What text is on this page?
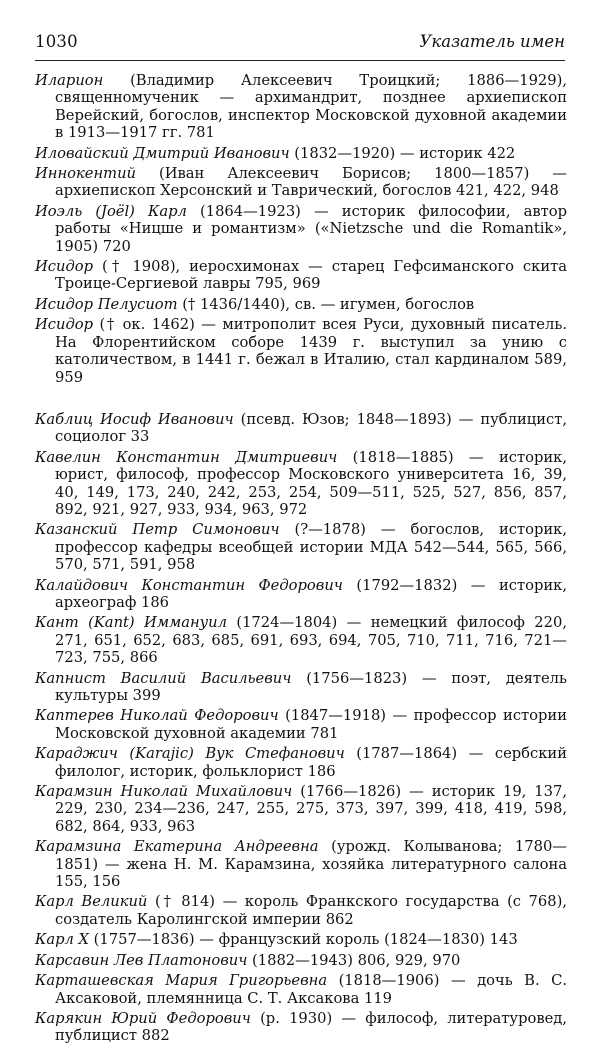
1030	Указатель имен

Иларион (Владимир Алексеевич Троицкий; 1886—1929), священномученик — архимандрит, позднее архиепископ Верейский, богослов, инспектор Московской духовной академии в 1913—1917 гг. 781

Иловайский Дмитрий Иванович (1832—1920) — историк 422

Иннокентий (Иван Алексеевич Борисов; 1800—1857) — архиепископ Херсонский и Таврический, богослов 421, 422, 948

Иоэль (Joël) Карл (1864—1923) — историк философии, автор работы «Ницше и романтизм» («Nietzsche und die Romantik», 1905) 720

Исидор († 1908), иеросхимонах — старец Гефсиманского скита Троице-Сергиевой лавры 795, 969

Исидор Пелусиот († 1436/1440), св. — игумен, богослов

Исидор († ок. 1462) — митрополит всея Руси, духовный писатель. На Флорентийском соборе 1439 г. выступил за унию с католичеством, в 1441 г. бежал в Италию, стал кардиналом 589, 959

Каблиц Иосиф Иванович (псевд. Юзов; 1848—1893) — публицист, социолог 33

Кавелин Константин Дмитриевич (1818—1885) — историк, юрист, философ, профессор Московского университета 16, 39, 40, 149, 173, 240, 242, 253, 254, 509—511, 525, 527, 856, 857, 892, 921, 927, 933, 934, 963, 972

Казанский Петр Симонович (?—1878) — богослов, историк, профессор кафедры всеобщей истории МДА 542—544, 565, 566, 570, 571, 591, 958

Калайдович Константин Федорович (1792—1832) — историк, археограф 186

Кант (Kant) Иммануил (1724—1804) — немецкий философ 220, 271, 651, 652, 683, 685, 691, 693, 694, 705, 710, 711, 716, 721—723, 755, 866

Капнист Василий Васильевич (1756—1823) — поэт, деятель культуры 399

Каптерев Николай Федорович (1847—1918) — профессор истории Московской духовной академии 781

Караджич (Karajic) Вук Стефанович (1787—1864) — сербский филолог, историк, фольклорист 186

Карамзин Николай Михайлович (1766—1826) — историк 19, 137, 229, 230, 234—236, 247, 255, 275, 373, 397, 399, 418, 419, 598, 682, 864, 933, 963

Карамзина Екатерина Андреевна (урожд. Колыванова; 1780—1851) — жена Н. М. Карамзина, хозяйка литературного салона 155, 156

Карл Великий († 814) — король Франкского государства (с 768), создатель Каролингской империи 862

Карл X (1757—1836) — французский король (1824—1830) 143

Карсавин Лев Платонович (1882—1943) 806, 929, 970

Карташевская Мария Григорьевна (1818—1906) — дочь В. С. Аксаковой, племянница С. Т. Аксакова 119

Карякин Юрий Федорович (р. 1930) — философ, литературовед, публицист 882
